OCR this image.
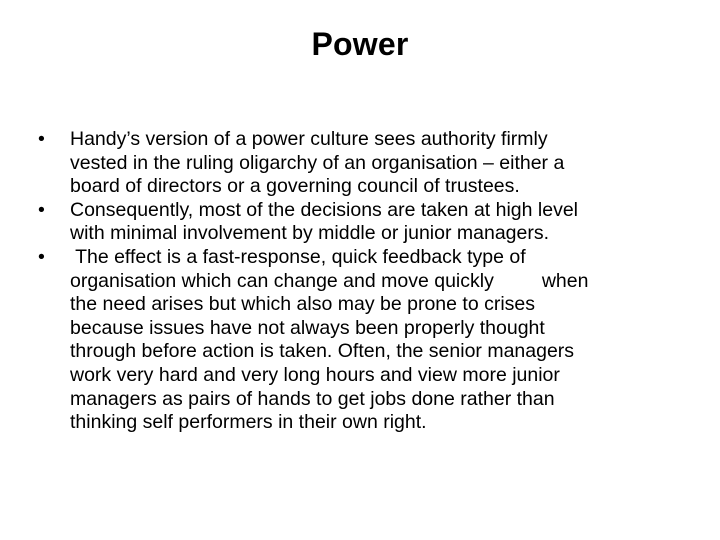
Power
•	Handy’s version of a power culture sees authority firmly
vested in the ruling oligarchy of an organisation – either a
board of directors or a governing council of trustees.
•	Consequently, most of the decisions are taken at high level
with minimal involvement by middle or junior managers.
•	The effect is a fast-response, quick feedback type of
organisation which can change and move quickly when
the need arises but which also may be prone to crises
because issues have not always been properly thought
through before action is taken. Often, the senior managers
work very hard and very long hours and view more junior
managers as pairs of hands to get jobs done rather than
thinking self performers in their own right.
